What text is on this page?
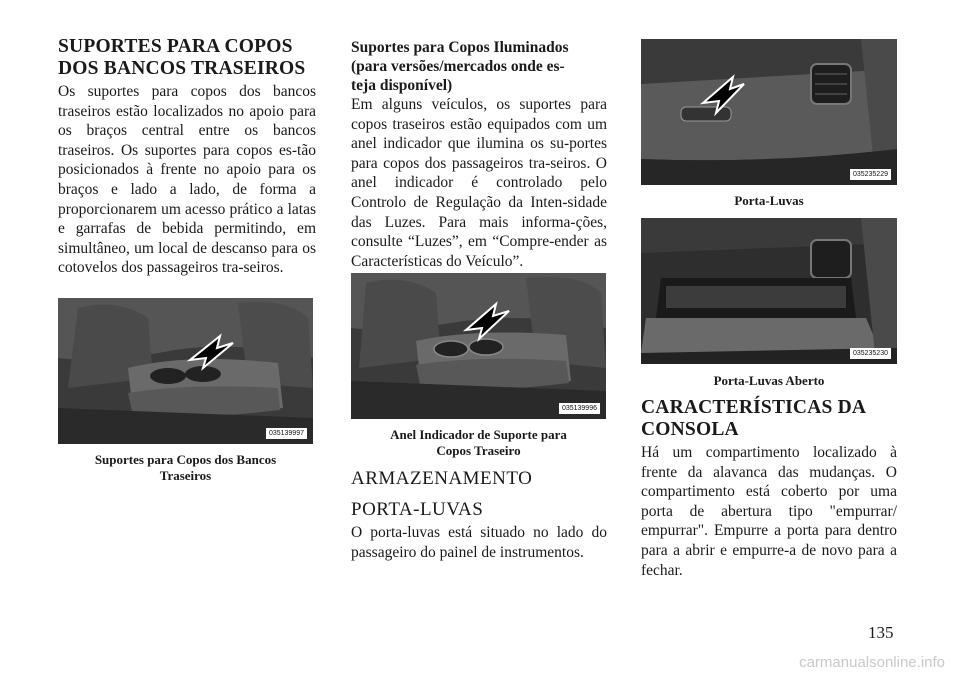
SUPORTES PARA COPOS
DOS BANCOS TRASEIROS

Os suportes para copos dos bancos traseiros estão localizados no apoio para os braços central entre os bancos traseiros. Os suportes para copos es-tão posicionados à frente no apoio para os braços e lado a lado, de forma a proporcionarem um acesso prático a latas e garrafas de bebida permitindo, em simultâneo, um local de descanso para os cotovelos dos passageiros tra-seiros.

035139997

Suportes para Copos dos Bancos
Traseiros

Suportes para Copos Iluminados
(para versões/mercados onde es-
teja disponível)

Em alguns veículos, os suportes para copos traseiros estão equipados com um anel indicador que ilumina os su-portes para copos dos passageiros tra-seiros. O anel indicador é controlado pelo Controlo de Regulação da Inten-sidade das Luzes. Para mais informa-ções, consulte “Luzes”, em “Compre-ender as Características do Veículo”.

035139996

Anel Indicador de Suporte para
Copos Traseiro

ARMAZENAMENTO
PORTA-LUVAS

O porta-luvas está situado no lado do passageiro do painel de instrumentos.

035235229

Porta-Luvas

035235230

Porta-Luvas Aberto

CARACTERÍSTICAS DA
CONSOLA

Há um compartimento localizado à frente da alavanca das mudanças. O compartimento está coberto por uma porta de abertura tipo "empurrar/ empurrar". Empurre a porta para dentro para a abrir e empurre-a de novo para a fechar.

135
carmanualsonline.info
